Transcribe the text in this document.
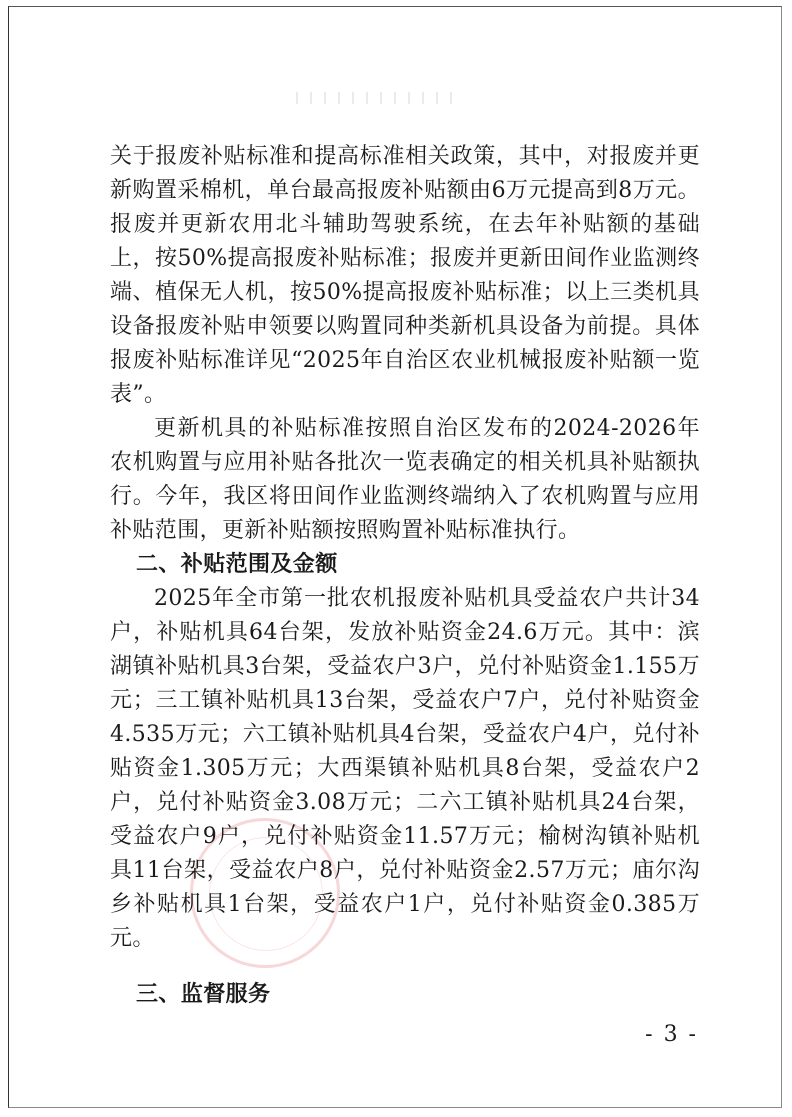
关于报废补贴标准和提高标准相关政策，其中，对报废并更新购置采棉机，单台最高报废补贴额由6万元提高到8万元。报废并更新农用北斗辅助驾驶系统，在去年补贴额的基础上，按50%提高报废补贴标准；报废并更新田间作业监测终端、植保无人机，按50%提高报废补贴标准；以上三类机具设备报废补贴申领要以购置同种类新机具设备为前提。具体报废补贴标准详见“2025年自治区农业机械报废补贴额一览表”。

更新机具的补贴标准按照自治区发布的2024-2026年农机购置与应用补贴各批次一览表确定的相关机具补贴额执行。今年，我区将田间作业监测终端纳入了农机购置与应用补贴范围，更新补贴额按照购置补贴标准执行。

二、补贴范围及金额

2025年全市第一批农机报废补贴机具受益农户共计34户，补贴机具64台架，发放补贴资金24.6万元。其中：滨湖镇补贴机具3台架，受益农户3户，兑付补贴资金1.155万元；三工镇补贴机具13台架，受益农户7户，兑付补贴资金4.535万元；六工镇补贴机具4台架，受益农户4户，兑付补贴资金1.305万元；大西渠镇补贴机具8台架，受益农户2户，兑付补贴资金3.08万元；二六工镇补贴机具24台架，受益农户9户，兑付补贴资金11.57万元；榆树沟镇补贴机具11台架，受益农户8户，兑付补贴资金2.57万元；庙尔沟乡补贴机具1台架，受益农户1户，兑付补贴资金0.385万元。

三、监督服务

- 3 -
